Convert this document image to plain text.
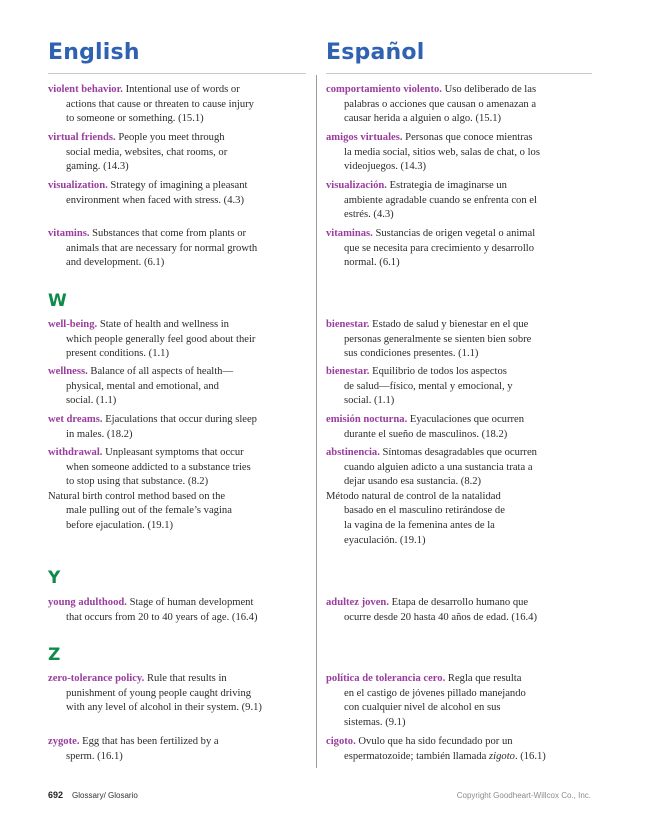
English	Español
W
Y
Z
violent behavior. Intentional use of words or
actions that cause or threaten to cause injury
to someone or something. (15.1)
virtual friends. People you meet through
social media, websites, chat rooms, or
gaming. (14.3)
visualization. Strategy of imagining a pleasant
environment when faced with stress. (4.3)
vitamins. Substances that come from plants or
animals that are necessary for normal growth
and development. (6.1)
well-being. State of health and wellness in
which people generally feel good about their
present conditions. (1.1)
wellness. Balance of all aspects of health—
physical, mental and emotional, and
social. (1.1)
wet dreams. Ejaculations that occur during sleep
in males. (18.2)
withdrawal. Unpleasant symptoms that occur
when someone addicted to a substance tries
to stop using that substance. (8.2)
Natural birth control method based on the
male pulling out of the female’s vagina
before ejaculation. (19.1)
young adulthood. Stage of human development
that occurs from 20 to 40 years of age. (16.4)
zero-tolerance policy. Rule that results in
punishment of young people caught driving
with any level of alcohol in their system. (9.1)
zygote. Egg that has been fertilized by a
sperm. (16.1)
comportamiento violento. Uso deliberado de las
palabras o acciones que causan o amenazan a
causar herida a alguien o algo. (15.1)
amigos virtuales. Personas que conoce mientras
la media social, sitios web, salas de chat, o los
videojuegos. (14.3)
visualización. Estrategia de imaginarse un
ambiente agradable cuando se enfrenta con el
estrés. (4.3)
vitaminas. Sustancias de origen vegetal o animal
que se necesita para crecimiento y desarrollo
normal. (6.1)
bienestar. Estado de salud y bienestar en el que
personas generalmente se sienten bien sobre
sus condiciones presentes. (1.1)
bienestar. Equilibrio de todos los aspectos
de salud—físico, mental y emocional, y
social. (1.1)
emisión nocturna. Eyaculaciones que ocurren
durante el sueño de masculinos. (18.2)
abstinencia. Síntomas desagradables que ocurren
cuando alguien adicto a una sustancia trata a
dejar usando esa sustancia. (8.2)
Método natural de control de la natalidad
basado en el masculino retirándose de
la vagina de la femenina antes de la
eyaculación. (19.1)
adultez joven. Etapa de desarrollo humano que
ocurre desde 20 hasta 40 años de edad. (16.4)
política de tolerancia cero. Regla que resulta
en el castigo de jóvenes pillado manejando
con cualquier nivel de alcohol en sus
sistemas. (9.1)
cigoto. Ovulo que ha sido fecundado por un
espermatozoide; también llamada zigoto. (16.1)
692 Glossary/ Glosario	Copyright Goodheart-Willcox Co., Inc.
